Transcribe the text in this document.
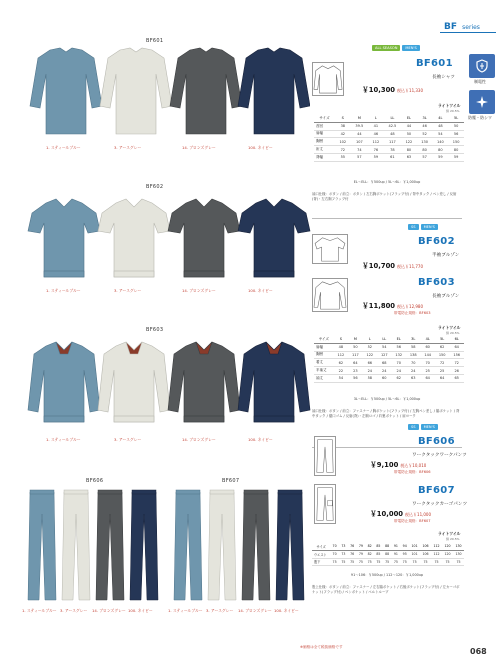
BF series
制電性
防塵・防シワ
BF601
1. スティールブルー	3. アースグレー	14. ブロンズグレー	100. ネイビー
ALL SEASON	MEN'S
BF601
長袖シャツ
￥10,300 税込￥11,330
ライトツイル
綿 20.5%
サイズ	S	M	L	LL	EL	3L	4L	5L
首回	38	39.5	41	42.5	44	46	48	50
肩幅	42	44	46	48	50	52	54	56
胸囲	102	107	112	117	122	130	140	150
裄丈	72	74	76	78	80	80	80	80
背幅	55	57	59	61	63	57	59	59
EL〜ELL：￥500up / 5L〜6L：￥1,000up
袖口仕様：ボタン / 前立：ボタン / 左右胸ポケット(フラップ付) / 背中タック / ペン差し / 反射(背)・左右胸フラップ付
BF602
1. スティールブルー	3. アースグレー	14. ブロンズグレー	100. ネイビー
SS	MEN'S
BF602
半袖ブルゾン
￥10,700 税込￥11,770
BF603
長袖ブルゾン
￥11,800 税込￥12,980
帯電防止規格：BF603
ライトツイル
綿 20.5%
サイズ	S	M	L	LL	EL	3L	4L	5L	6L
肩幅	48	50	52	54	56	58	60	62	64
胸囲	112	117	122	127	132	138	144	150	156
着丈	62	64	66	68	70	70	70	72	72
半袖丈	22	23	24	24	24	24	25	25	26
袖丈	54	56	58	60	62	63	64	64	65
3L〜ELL：￥500up / 5L〜6L：￥1,000up
袖口仕様：ボタン / 前立：ファスナー / 胸ポケット(フラップ付) / 左胸ペン差し / 脇ポケット / 背中タック / 裾口ゴム / 反射(背)・左胸ロゴ / 衿裏ポケット / 肩ヨーク
BF603
1. スティールブルー	3. アースグレー	14. ブロンズグレー	100. ネイビー
BF606	BF607
1. スティールブルー 3. アースグレー 14. ブロンズグレー 100. ネイビー	1. スティールブルー 3. アースグレー 14. ブロンズグレー 100. ネイビー
SS	MEN'S
BF606
ワークタックワークパンツ
￥9,100 税込￥10,010
帯電防止規格：BF606
BF607
ワークタックカーゴパンツ
￥10,000 税込￥11,000
帯電防止規格：BF607
ライトツイル
綿 20.5%
サイズ	70	73	76	79	82	85	88	91	94	101	106	112	120	130
ウエスト	70	73	76	79	82	85	88	91	95	101	106	112	120	130
股下	75	75	75	75	75	75	75	75	75	75	75	75	75	75
91〜106：￥500up / 112〜120：￥1,000up
股上仕様：ボタン / 前立：ファスナー / 左右脇ポケット / 右後ポケット(フラップ付) / 左カーゴポケット(フラップ付) / ペンポケット / ベルトループ
※価格は全て税抜価格です	068
